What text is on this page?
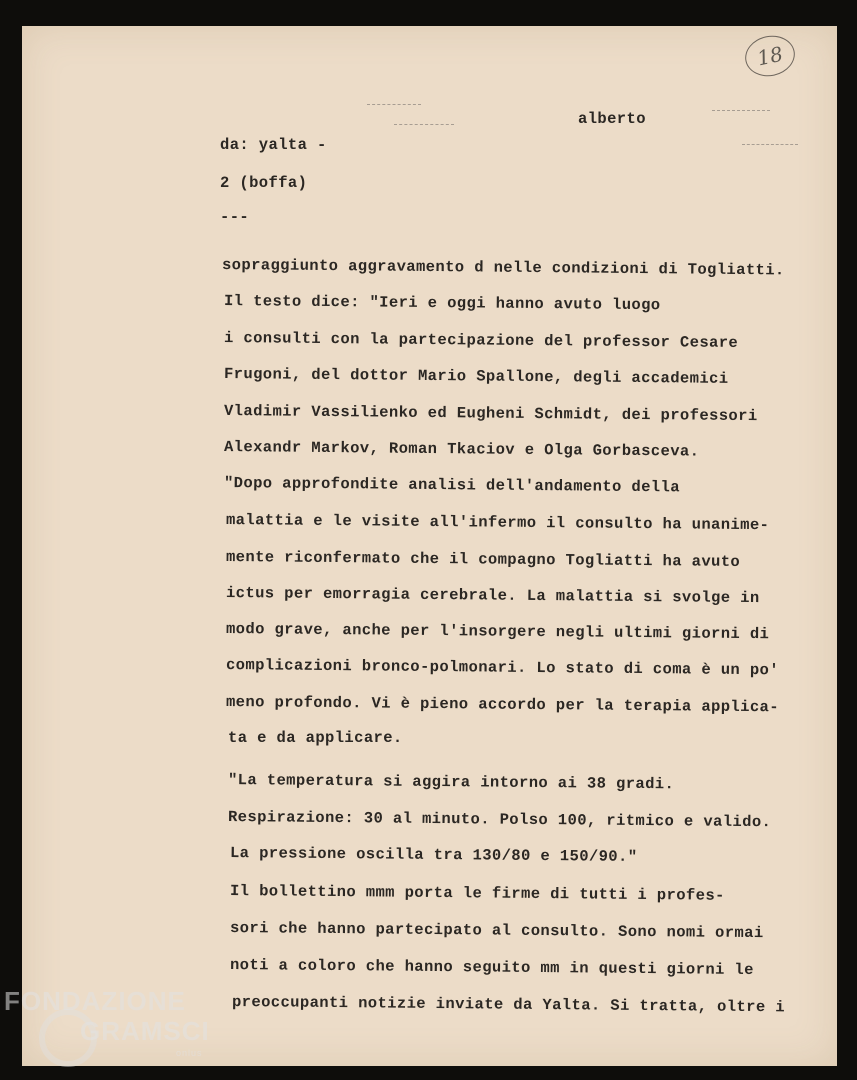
18
alberto
da: yalta -
2 (boffa)
---
sopraggiunto aggravamento d nelle condizioni di Togliatti.
Il testo dice: "Ieri e oggi hanno avuto luogo
i consulti con la partecipazione del professor Cesare
Frugoni, del dottor Mario Spallone, degli accademici
Vladimir Vassilienko ed Eugheni Schmidt, dei professori
Alexandr Markov, Roman Tkaciov e Olga Gorbasceva.
"Dopo approfondite analisi dell'andamento della
malattia e le visite all'infermo il consulto ha unanime-
mente riconfermato che il compagno Togliatti ha avuto
ictus per emorragia cerebrale. La malattia si svolge in
modo grave, anche per l'insorgere negli ultimi giorni di
complicazioni bronco-polmonari. Lo stato di coma è un po'
meno profondo. Vi è pieno accordo per la terapia applica-
ta e da applicare.
"La temperatura si aggira intorno ai 38 gradi.
Respirazione: 30 al minuto. Polso 100, ritmico e valido.
La pressione oscilla tra 130/80 e 150/90."
Il bollettino mmm porta le firme di tutti i profes-
sori che hanno partecipato al consulto. Sono nomi ormai
noti a coloro che hanno seguito mm in questi giorni le
preoccupanti notizie inviate da Yalta. Si tratta, oltre i
FONDAZIONE
GRAMSCI
onlus
